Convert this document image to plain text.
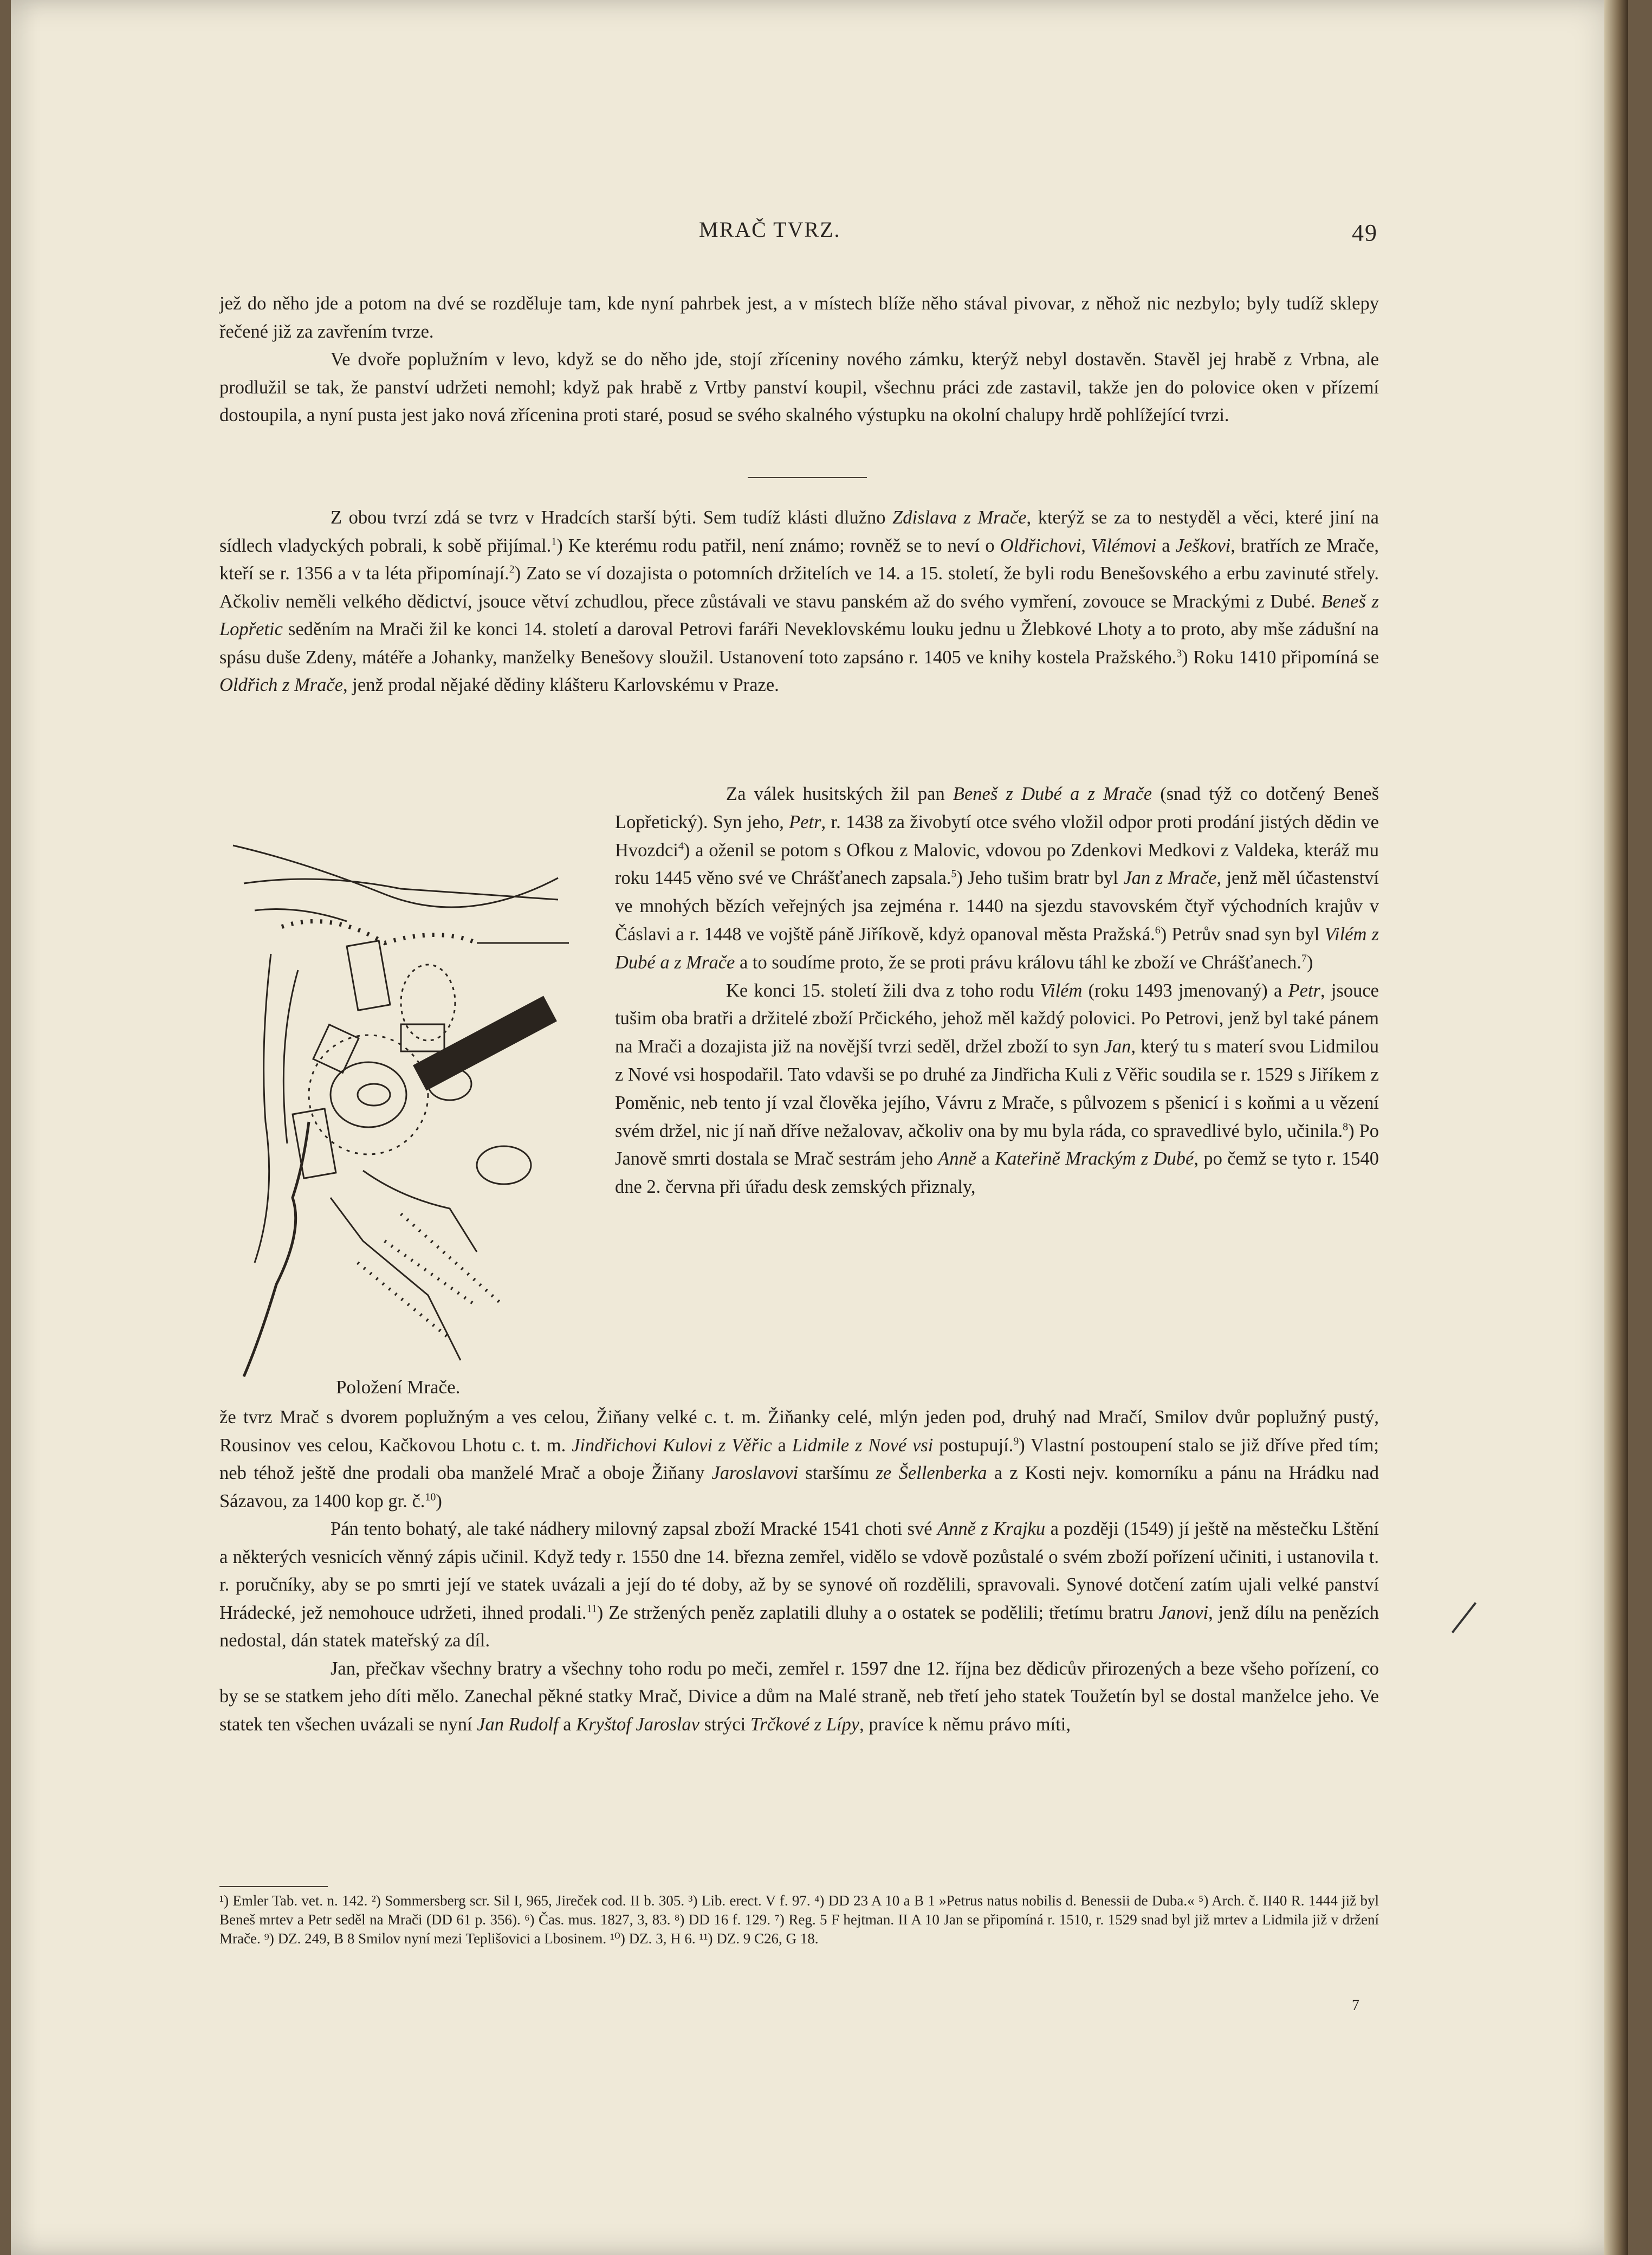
MRAČ TVRZ.	49

jež do něho jde a potom na dvé se rozděluje tam, kde nyní pahrbek jest, a v místech blíže něho stával pivovar, z něhož nic nezbylo; byly tudíž sklepy řečené již za zavřením tvrze.

Ve dvoře poplužním v levo, když se do něho jde, stojí zříceniny nového zámku, kterýž nebyl dostavěn. Stavěl jej hrabě z Vrbna, ale prodlužil se tak, že panství udržeti nemohl; když pak hrabě z Vrtby panství koupil, všechnu práci zde zastavil, takže jen do polovice oken v přízemí dostoupila, a nyní pusta jest jako nová zřícenina proti staré, posud se svého skalného výstupku na okolní chalupy hrdě pohlížející tvrzi.

Z obou tvrzí zdá se tvrz v Hradcích starší býti. Sem tudíž klásti dlužno Zdislava z Mrače, kterýž se za to nestyděl a věci, které jiní na sídlech vladyckých pobrali, k sobě přijímal.$^1$) Ke kterému rodu patřil, není známo; rovněž se to neví o Oldřichovi, Vilémovi a Ješkovi, bratřích ze Mrače, kteří se r. 1356 a v ta léta připomínají.$^2$) Zato se ví dozajista o potomních držitelích ve 14. a 15. století, že byli rodu Benešovského a erbu zavinuté střely. Ačkoliv neměli velkého dědictví, jsouce větví zchudlou, přece zůstávali ve stavu panském až do svého vymření, zovouce se Mrackými z Dubé. Beneš z Lopřetic seděním na Mrači žil ke konci 14. století a daroval Petrovi faráři Neveklovskému louku jednu u Žlebkové Lhoty a to proto, aby mše zádušní na spásu duše Zdeny, mátéře a Johanky, manželky Benešovy sloužil. Ustanovení toto zapsáno r. 1405 ve knihy kostela Pražského.$^3$) Roku 1410 připomíná se Oldřich z Mrače, jenž prodal nějaké dědiny klášteru Karlovskému v Praze.

Za válek husitských žil pan Beneš z Dubé a z Mrače (snad týž co dotčený Beneš Lopřetický). Syn jeho, Petr, r. 1438 za živobytí otce svého vložil odpor proti prodání jistých dědin ve Hvozdci$^4$) a oženil se potom s Ofkou z Malovic, vdovou po Zdenkovi Medkovi z Valdeka, kteráž mu roku 1445 věno své ve Chrášťanech zapsala.$^5$) Jeho tušim bratr byl Jan z Mrače, jenž měl účastenství ve mnohých bězích veřejných jsa zejména r. 1440 na sjezdu stavovském čtyř východních krajův v Čáslavi a r. 1448 ve vojště páně Jiříkově, kdyż opanoval města Pražská.$^6$) Petrův snad syn byl Vilém z Dubé a z Mrače a to soudíme proto, že se proti právu královu táhl ke zboží ve Chrášťanech.$^7$)

Ke konci 15. století žili dva z toho rodu Vilém (roku 1493 jmenovaný) a Petr, jsouce tušim oba bratři a držitelé zboží Prčického, jehož měl každý polovici. Po Petrovi, jenž byl také pánem na Mrači a dozajista již na novější tvrzi seděl, držel zboží to syn Jan, který tu s materí svou Lidmilou z Nové vsi hospodařil. Tato vdavši se po druhé za Jindřicha Kuli z Věřic soudila se r. 1529 s Jiříkem z Poměnic, neb tento jí vzal člověka jejího, Vávru z Mrače, s půlvozem s pšenicí i s koňmi a u vězení svém držel, nic jí naň dříve nežalovav, ačkoliv ona by mu byla ráda, co spravedlivé bylo, učinila.$^8$) Po Janově smrti dostala se Mrač sestrám jeho Anně a Kateřině Mrackým z Dubé, po čemž se tyto r. 1540 dne 2. června při úřadu desk zemských přiznaly,

Položení Mrače.

že tvrz Mrač s dvorem poplužným a ves celou, Žiňany velké c. t. m. Žiňanky celé, mlýn jeden pod, druhý nad Mračí, Smilov dvůr poplužný pustý, Rousinov ves celou, Kačkovou Lhotu c. t. m. Jindřichovi Kulovi z Věřic a Lidmile z Nové vsi postupují.$^9$) Vlastní postoupení stalo se již dříve před tím; neb téhož ještě dne prodali oba manželé Mrač a oboje Žiňany Jaroslavovi staršímu ze Šellenberka a z Kosti nejv. komorníku a pánu na Hrádku nad Sázavou, za 1400 kop gr. č.$^{10}$)

Pán tento bohatý, ale také nádhery milovný zapsal zboží Mracké 1541 choti své Anně z Krajku a později (1549) jí ještě na městečku Lštění a některých vesnicích věnný zápis učinil. Když tedy r. 1550 dne 14. března zemřel, vidělo se vdově pozůstalé o svém zboží pořízení učiniti, i ustanovila t. r. poručníky, aby se po smrti její ve statek uvázali a její do té doby, až by se synové oň rozdělili, spravovali. Synové dotčení zatím ujali velké panství Hrádecké, jež nemohouce udržeti, ihned prodali.$^{11}$) Ze stržených peněz zaplatili dluhy a o ostatek se podělili; třetímu bratru Janovi, jenž dílu na penězích nedostal, dán statek mateřský za díl.

Jan, přečkav všechny bratry a všechny toho rodu po meči, zemřel r. 1597 dne 12. října bez dědicův přirozených a beze všeho pořízení, co by se se statkem jeho díti mělo. Zanechal pěkné statky Mrač, Divice a dům na Malé straně, neb třetí jeho statek Toužetín byl se dostal manželce jeho. Ve statek ten všechen uvázali se nyní Jan Rudolf a Kryštof Jaroslav strýci Trčkové z Lípy, pravíce k němu právo míti,

¹) Emler Tab. vet. n. 142. ²) Sommersberg scr. Sil I, 965, Jireček cod. II b. 305. ³) Lib. erect. V f. 97. ⁴) DD 23 A 10 a B 1 »Petrus natus nobilis d. Benessii de Duba.« ⁵) Arch. č. II40 R. 1444 již byl Beneš mrtev a Petr seděl na Mrači (DD 61 p. 356). ⁶) Čas. mus. 1827, 3, 83. ⁸) DD 16 f. 129. ⁷) Reg. 5 F hejtman. II A 10 Jan se připomíná r. 1510, r. 1529 snad byl již mrtev a Lidmila již v držení Mrače. ⁹) DZ. 249, B 8 Smilov nyní mezi Teplišovici a Lbosinem. ¹⁰) DZ. 3, H 6. ¹¹) DZ. 9 C26, G 18.

7
